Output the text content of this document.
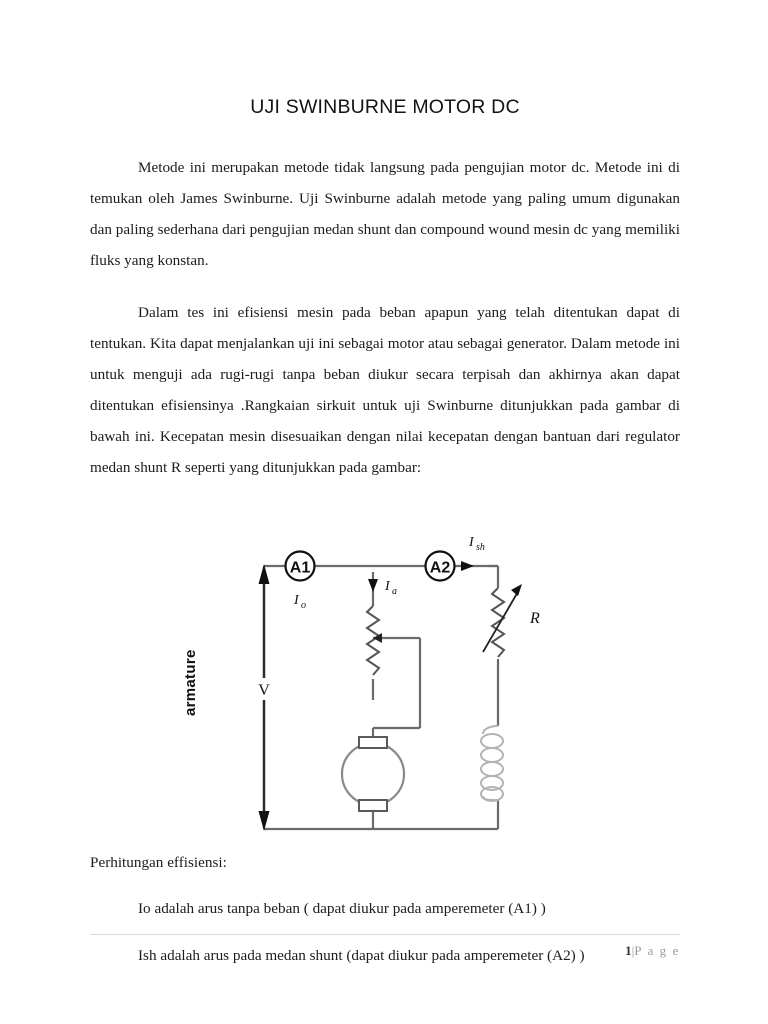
UJI SWINBURNE MOTOR DC

Metode ini merupakan metode tidak langsung pada pengujian motor dc. Metode ini di temukan oleh James Swinburne. Uji Swinburne adalah metode yang paling umum digunakan dan paling sederhana dari pengujian medan shunt dan compound wound mesin dc yang memiliki fluks yang konstan.

Dalam tes ini efisiensi mesin pada beban apapun yang telah ditentukan dapat di tentukan. Kita dapat menjalankan uji ini sebagai motor atau sebagai generator. Dalam metode ini untuk menguji ada rugi-rugi tanpa beban diukur secara terpisah dan akhirnya akan dapat ditentukan efisiensinya .Rangkaian sirkuit untuk uji Swinburne ditunjukkan pada gambar di bawah ini. Kecepatan mesin disesuaikan dengan nilai kecepatan dengan bantuan dari regulator medan shunt R seperti yang ditunjukkan pada gambar:

V
A1
I o
A2
I sh
I a
R
armature

Perhitungan effisiensi:

Io adalah arus tanpa beban ( dapat diukur pada amperemeter (A1) )

Ish adalah arus pada medan shunt (dapat diukur pada amperemeter (A2) )	1|P a g e
